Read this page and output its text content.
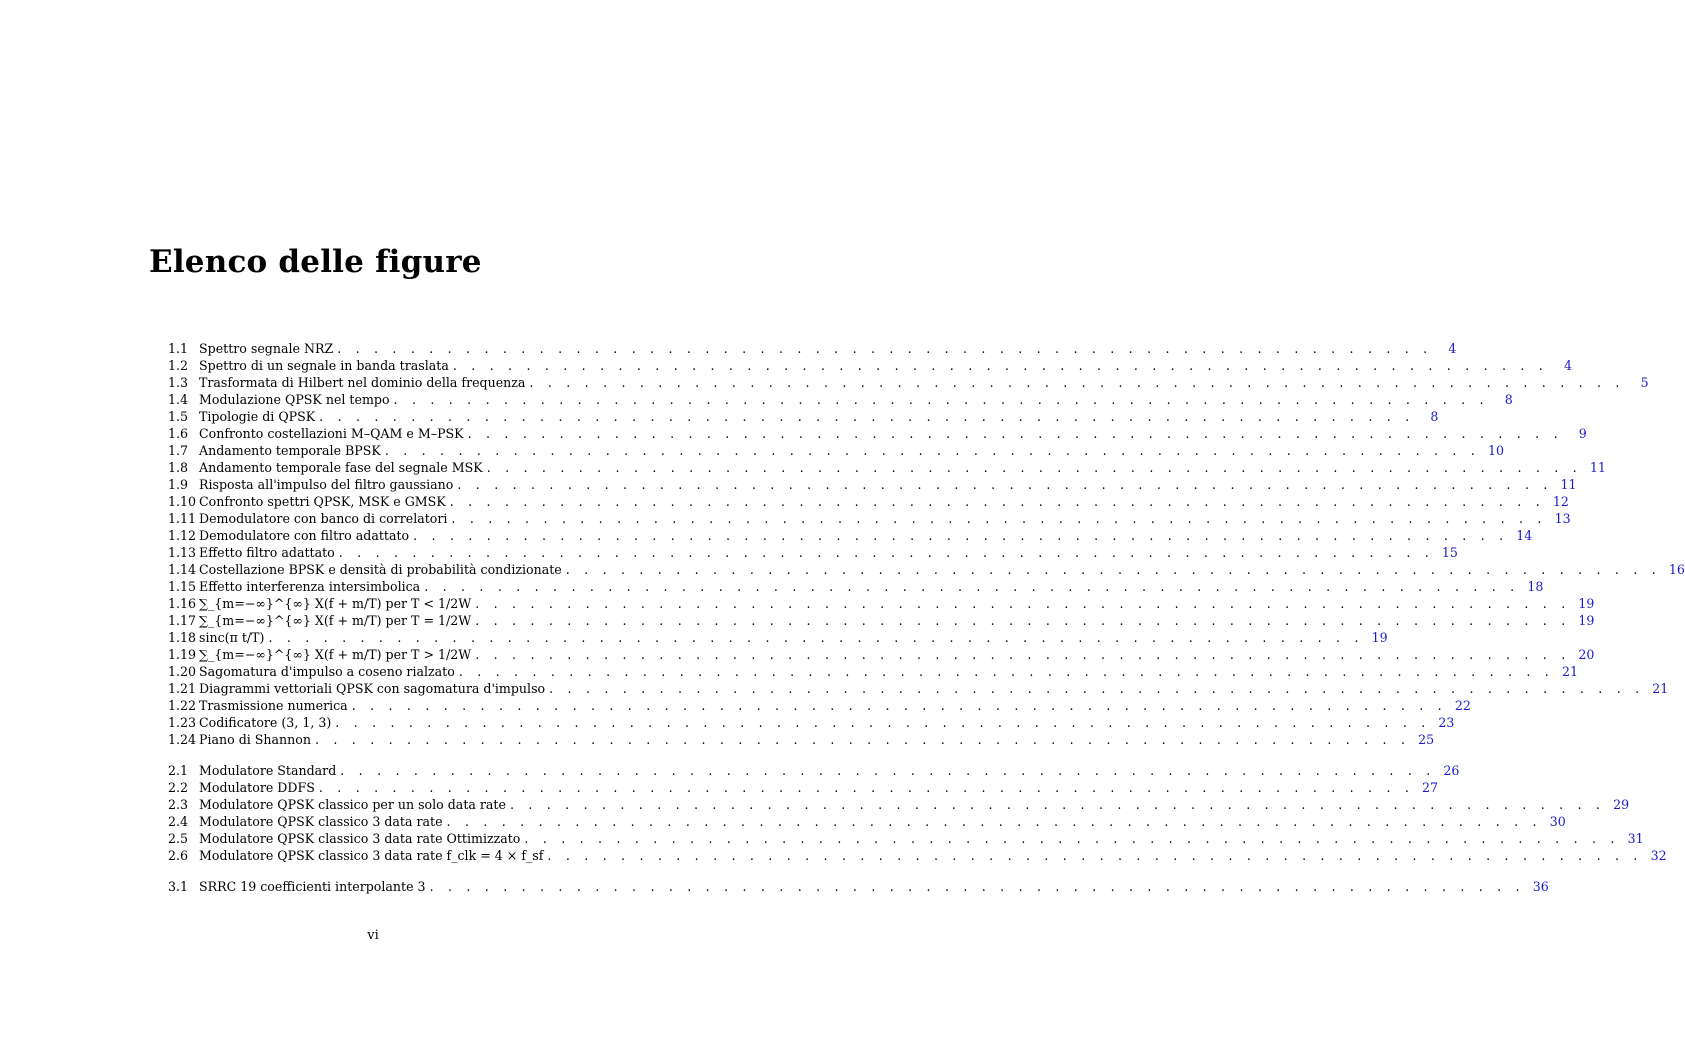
Elenco delle figure
1.1 Spettro segnale NRZ . . . . . . . . . . . . . . . . . . . . . . . . . . . . . . . . . . . . . . . . . . . . . . . . . . . . . . . . . . . .	4
1.2 Spettro di un segnale in banda traslata . . . . . . . . . . . . . . . . . . . . . . . . . . . . . . . . . . . . . . . . . . . . . . . . . . . . . . . . . . . .	4
1.3 Trasformata di Hilbert nel dominio della frequenza . . . . . . . . . . . . . . . . . . . . . . . . . . . . . . . . . . . . . . . . . . . . . . . . . . . . . . . . . . . .	5
1.4 Modulazione QPSK nel tempo . . . . . . . . . . . . . . . . . . . . . . . . . . . . . . . . . . . . . . . . . . . . . . . . . . . . . . . . . . . .	8
1.5 Tipologie di QPSK . . . . . . . . . . . . . . . . . . . . . . . . . . . . . . . . . . . . . . . . . . . . . . . . . . . . . . . . . . . .	8
1.6 Confronto costellazioni M–QAM e M–PSK . . . . . . . . . . . . . . . . . . . . . . . . . . . . . . . . . . . . . . . . . . . . . . . . . . . . . . . . . . . .	9
1.7 Andamento temporale BPSK . . . . . . . . . . . . . . . . . . . . . . . . . . . . . . . . . . . . . . . . . . . . . . . . . . . . . . . . . . . . 10
1.8 Andamento temporale fase del segnale MSK . . . . . . . . . . . . . . . . . . . . . . . . . . . . . . . . . . . . . . . . . . . . . . . . . . . . . . . . . . . . 11
1.9 Risposta all'impulso del filtro gaussiano . . . . . . . . . . . . . . . . . . . . . . . . . . . . . . . . . . . . . . . . . . . . . . . . . . . . . . . . . . . . 11
1.10 Confronto spettri QPSK, MSK e GMSK . . . . . . . . . . . . . . . . . . . . . . . . . . . . . . . . . . . . . . . . . . . . . . . . . . . . . . . . . . . . 12
1.11 Demodulatore con banco di correlatori . . . . . . . . . . . . . . . . . . . . . . . . . . . . . . . . . . . . . . . . . . . . . . . . . . . . . . . . . . . . 13
1.12 Demodulatore con filtro adattato . . . . . . . . . . . . . . . . . . . . . . . . . . . . . . . . . . . . . . . . . . . . . . . . . . . . . . . . . . . . 14
1.13 Effetto filtro adattato . . . . . . . . . . . . . . . . . . . . . . . . . . . . . . . . . . . . . . . . . . . . . . . . . . . . . . . . . . . . 15
1.14 Costellazione BPSK e densità di probabilità condizionate . . . . . . . . . . . . . . . . . . . . . . . . . . . . . . . . . . . . . . . . . . . . . . . . . . . . . . . . . . . . 16
1.15 Effetto interferenza intersimbolica . . . . . . . . . . . . . . . . . . . . . . . . . . . . . . . . . . . . . . . . . . . . . . . . . . . . . . . . . . . . 18
1.16 ∑_{m=−∞}^{∞} X(f + m/T) per T < 1/2W . . . . . . . . . . . . . . . . . . . . . . . . . . . . . . . . . . . . . . . . . . . . . . . . . . . . . . . . . . . . 19
1.17 ∑_{m=−∞}^{∞} X(f + m/T) per T = 1/2W . . . . . . . . . . . . . . . . . . . . . . . . . . . . . . . . . . . . . . . . . . . . . . . . . . . . . . . . . . . . 19
1.18 sinc(π t/T) . . . . . . . . . . . . . . . . . . . . . . . . . . . . . . . . . . . . . . . . . . . . . . . . . . . . . . . . . . . . 19
1.19 ∑_{m=−∞}^{∞} X(f + m/T) per T > 1/2W . . . . . . . . . . . . . . . . . . . . . . . . . . . . . . . . . . . . . . . . . . . . . . . . . . . . . . . . . . . . 20
1.20 Sagomatura d'impulso a coseno rialzato . . . . . . . . . . . . . . . . . . . . . . . . . . . . . . . . . . . . . . . . . . . . . . . . . . . . . . . . . . . . 21
1.21 Diagrammi vettoriali QPSK con sagomatura d'impulso . . . . . . . . . . . . . . . . . . . . . . . . . . . . . . . . . . . . . . . . . . . . . . . . . . . . . . . . . . . . 21
1.22 Trasmissione numerica . . . . . . . . . . . . . . . . . . . . . . . . . . . . . . . . . . . . . . . . . . . . . . . . . . . . . . . . . . . . 22
1.23 Codificatore (3, 1, 3) . . . . . . . . . . . . . . . . . . . . . . . . . . . . . . . . . . . . . . . . . . . . . . . . . . . . . . . . . . . . 23
1.24 Piano di Shannon . . . . . . . . . . . . . . . . . . . . . . . . . . . . . . . . . . . . . . . . . . . . . . . . . . . . . . . . . . . . 25
2.1 Modulatore Standard . . . . . . . . . . . . . . . . . . . . . . . . . . . . . . . . . . . . . . . . . . . . . . . . . . . . . . . . . . . . 26
2.2 Modulatore DDFS . . . . . . . . . . . . . . . . . . . . . . . . . . . . . . . . . . . . . . . . . . . . . . . . . . . . . . . . . . . . 27
2.3 Modulatore QPSK classico per un solo data rate . . . . . . . . . . . . . . . . . . . . . . . . . . . . . . . . . . . . . . . . . . . . . . . . . . . . . . . . . . . . 29
2.4 Modulatore QPSK classico 3 data rate . . . . . . . . . . . . . . . . . . . . . . . . . . . . . . . . . . . . . . . . . . . . . . . . . . . . . . . . . . . . 30
2.5 Modulatore QPSK classico 3 data rate Ottimizzato . . . . . . . . . . . . . . . . . . . . . . . . . . . . . . . . . . . . . . . . . . . . . . . . . . . . . . . . . . . . 31
2.6 Modulatore QPSK classico 3 data rate f_clk = 4 × f_sf . . . . . . . . . . . . . . . . . . . . . . . . . . . . . . . . . . . . . . . . . . . . . . . . . . . . . . . . . . . . 32
3.1 SRRC 19 coefficienti interpolante 3 . . . . . . . . . . . . . . . . . . . . . . . . . . . . . . . . . . . . . . . . . . . . . . . . . . . . . . . . . . . . 36
vi
